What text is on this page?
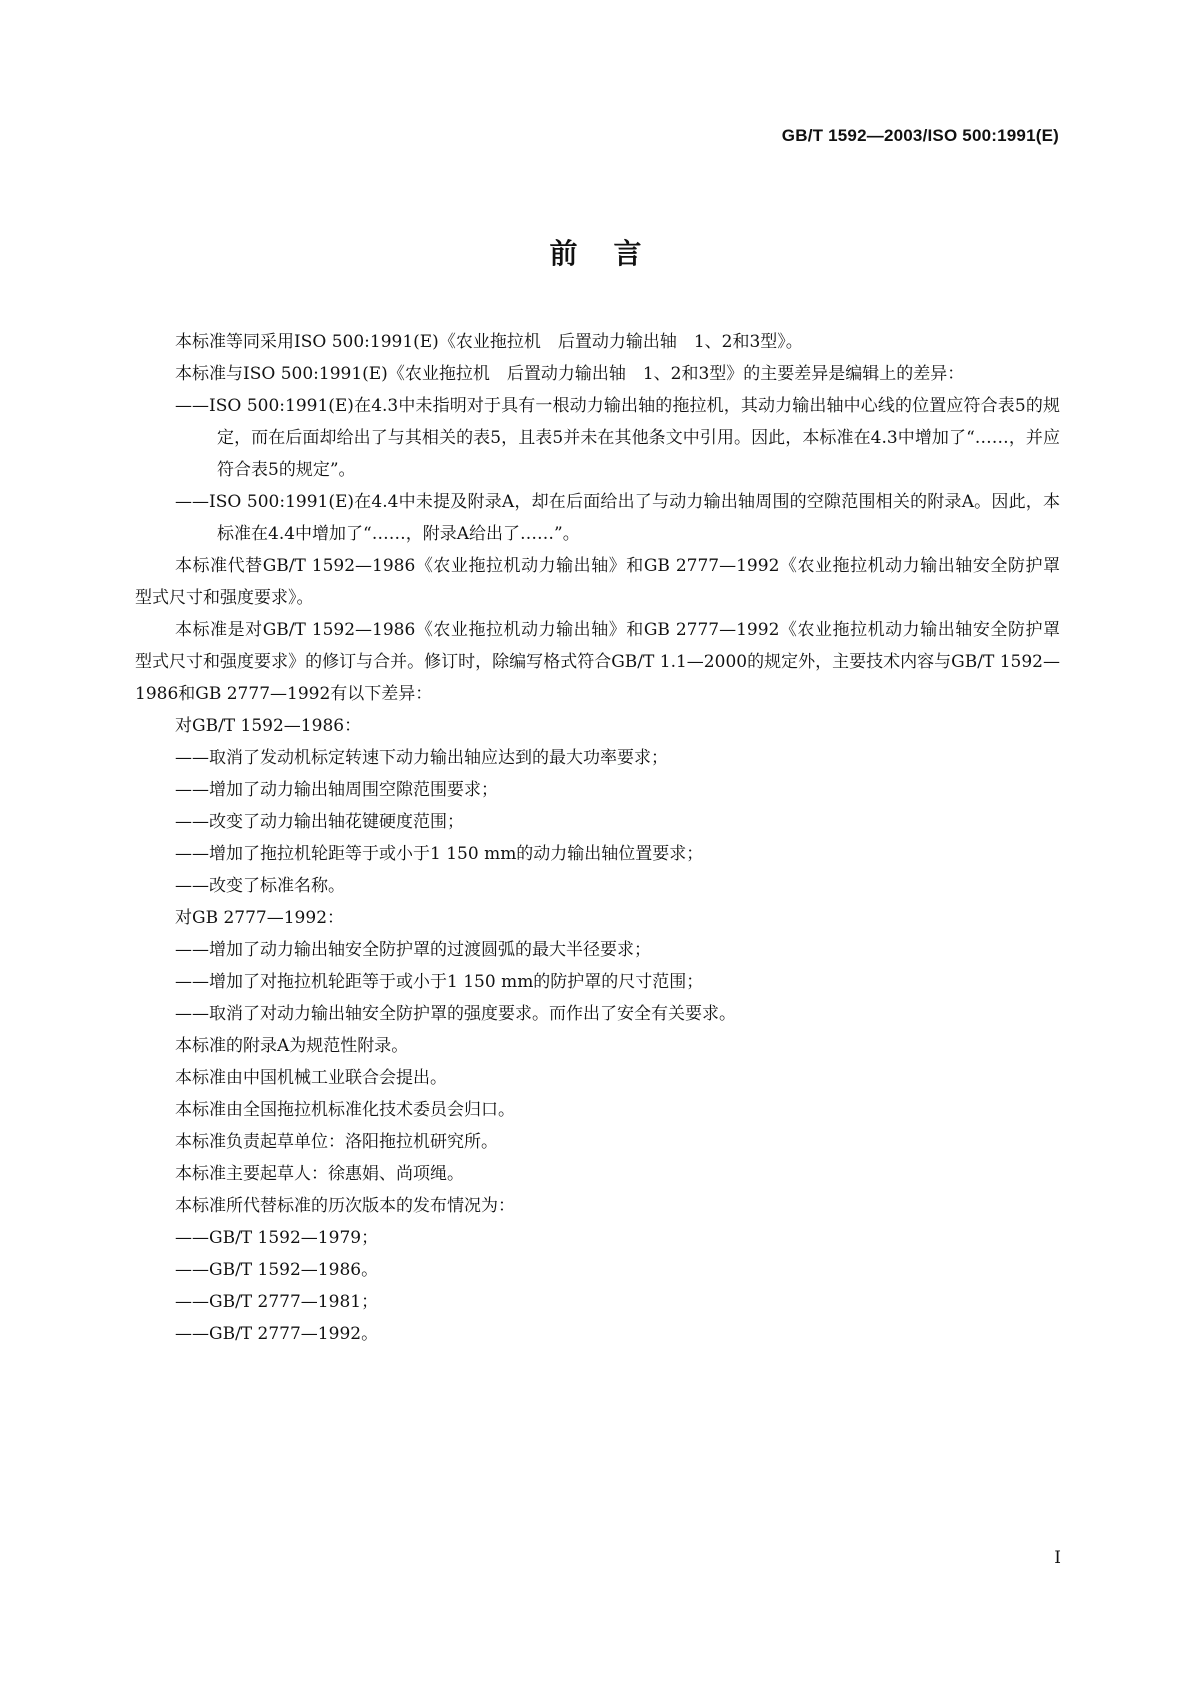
GB/T 1592—2003/ISO 500:1991(E)
前言

本标准等同采用ISO 500:1991(E)《农业拖拉机　后置动力输出轴　1、2和3型》。

本标准与ISO 500:1991(E)《农业拖拉机　后置动力输出轴　1、2和3型》的主要差异是编辑上的差异：

——ISO 500:1991(E)在4.3中未指明对于具有一根动力输出轴的拖拉机，其动力输出轴中心线的位置应符合表5的规定，而在后面却给出了与其相关的表5，且表5并未在其他条文中引用。因此，本标准在4.3中增加了“……，并应符合表5的规定”。

——ISO 500:1991(E)在4.4中未提及附录A，却在后面给出了与动力输出轴周围的空隙范围相关的附录A。因此，本标准在4.4中增加了“……，附录A给出了……”。

本标准代替GB/T 1592—1986《农业拖拉机动力输出轴》和GB 2777—1992《农业拖拉机动力输出轴安全防护罩　型式尺寸和强度要求》。

本标准是对GB/T 1592—1986《农业拖拉机动力输出轴》和GB 2777—1992《农业拖拉机动力输出轴安全防护罩　型式尺寸和强度要求》的修订与合并。修订时，除编写格式符合GB/T 1.1—2000的规定外，主要技术内容与GB/T 1592—1986和GB 2777—1992有以下差异：

对GB/T 1592—1986：

——取消了发动机标定转速下动力输出轴应达到的最大功率要求；

——增加了动力输出轴周围空隙范围要求；

——改变了动力输出轴花键硬度范围；

——增加了拖拉机轮距等于或小于1 150 mm的动力输出轴位置要求；

——改变了标准名称。

对GB 2777—1992：

——增加了动力输出轴安全防护罩的过渡圆弧的最大半径要求；

——增加了对拖拉机轮距等于或小于1 150 mm的防护罩的尺寸范围；

——取消了对动力输出轴安全防护罩的强度要求。而作出了安全有关要求。

本标准的附录A为规范性附录。

本标准由中国机械工业联合会提出。

本标准由全国拖拉机标准化技术委员会归口。

本标准负责起草单位：洛阳拖拉机研究所。

本标准主要起草人：徐惠娟、尚项绳。

本标准所代替标准的历次版本的发布情况为：

——GB/T 1592—1979；

——GB/T 1592—1986。

——GB/T 2777—1981；

——GB/T 2777—1992。

I
